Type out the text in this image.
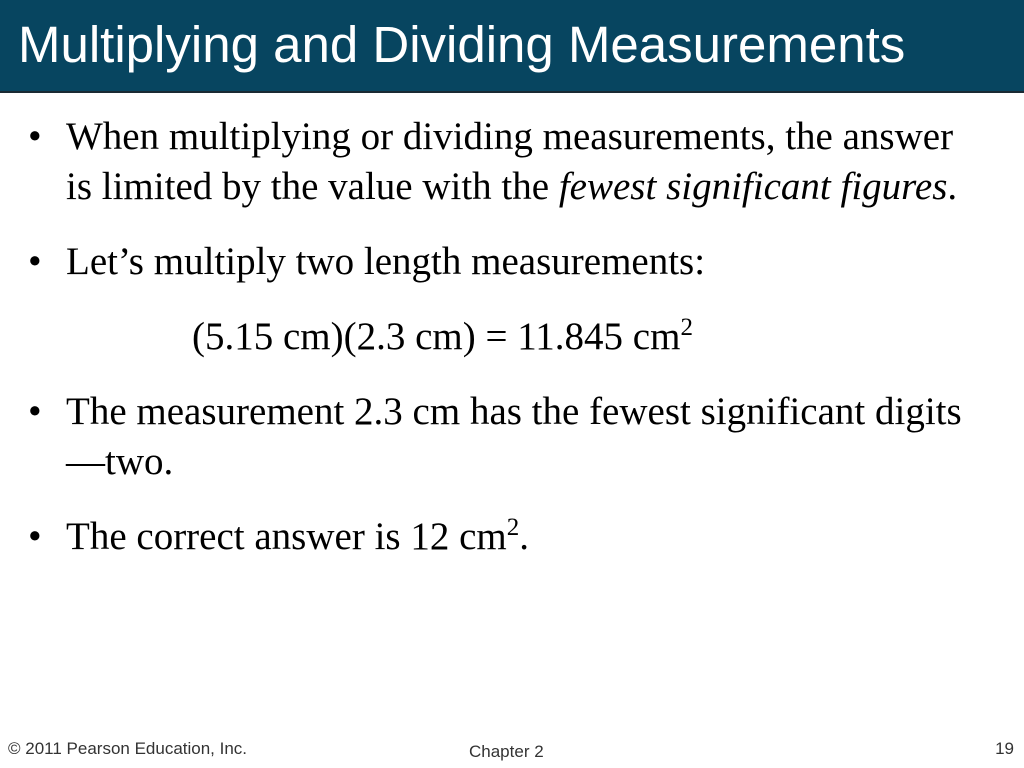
Multiplying and Dividing Measurements
• When multiplying or dividing measurements, the answer is limited by the value with the fewest significant figures.
• Let’s multiply two length measurements:
(5.15 cm)(2.3 cm) = 11.845 $cm^2$
• The measurement 2.3 cm has the fewest significant digits—two.
• The correct answer is 12 $cm^2$.
© 2011 Pearson Education, Inc.	Chapter 2	19
